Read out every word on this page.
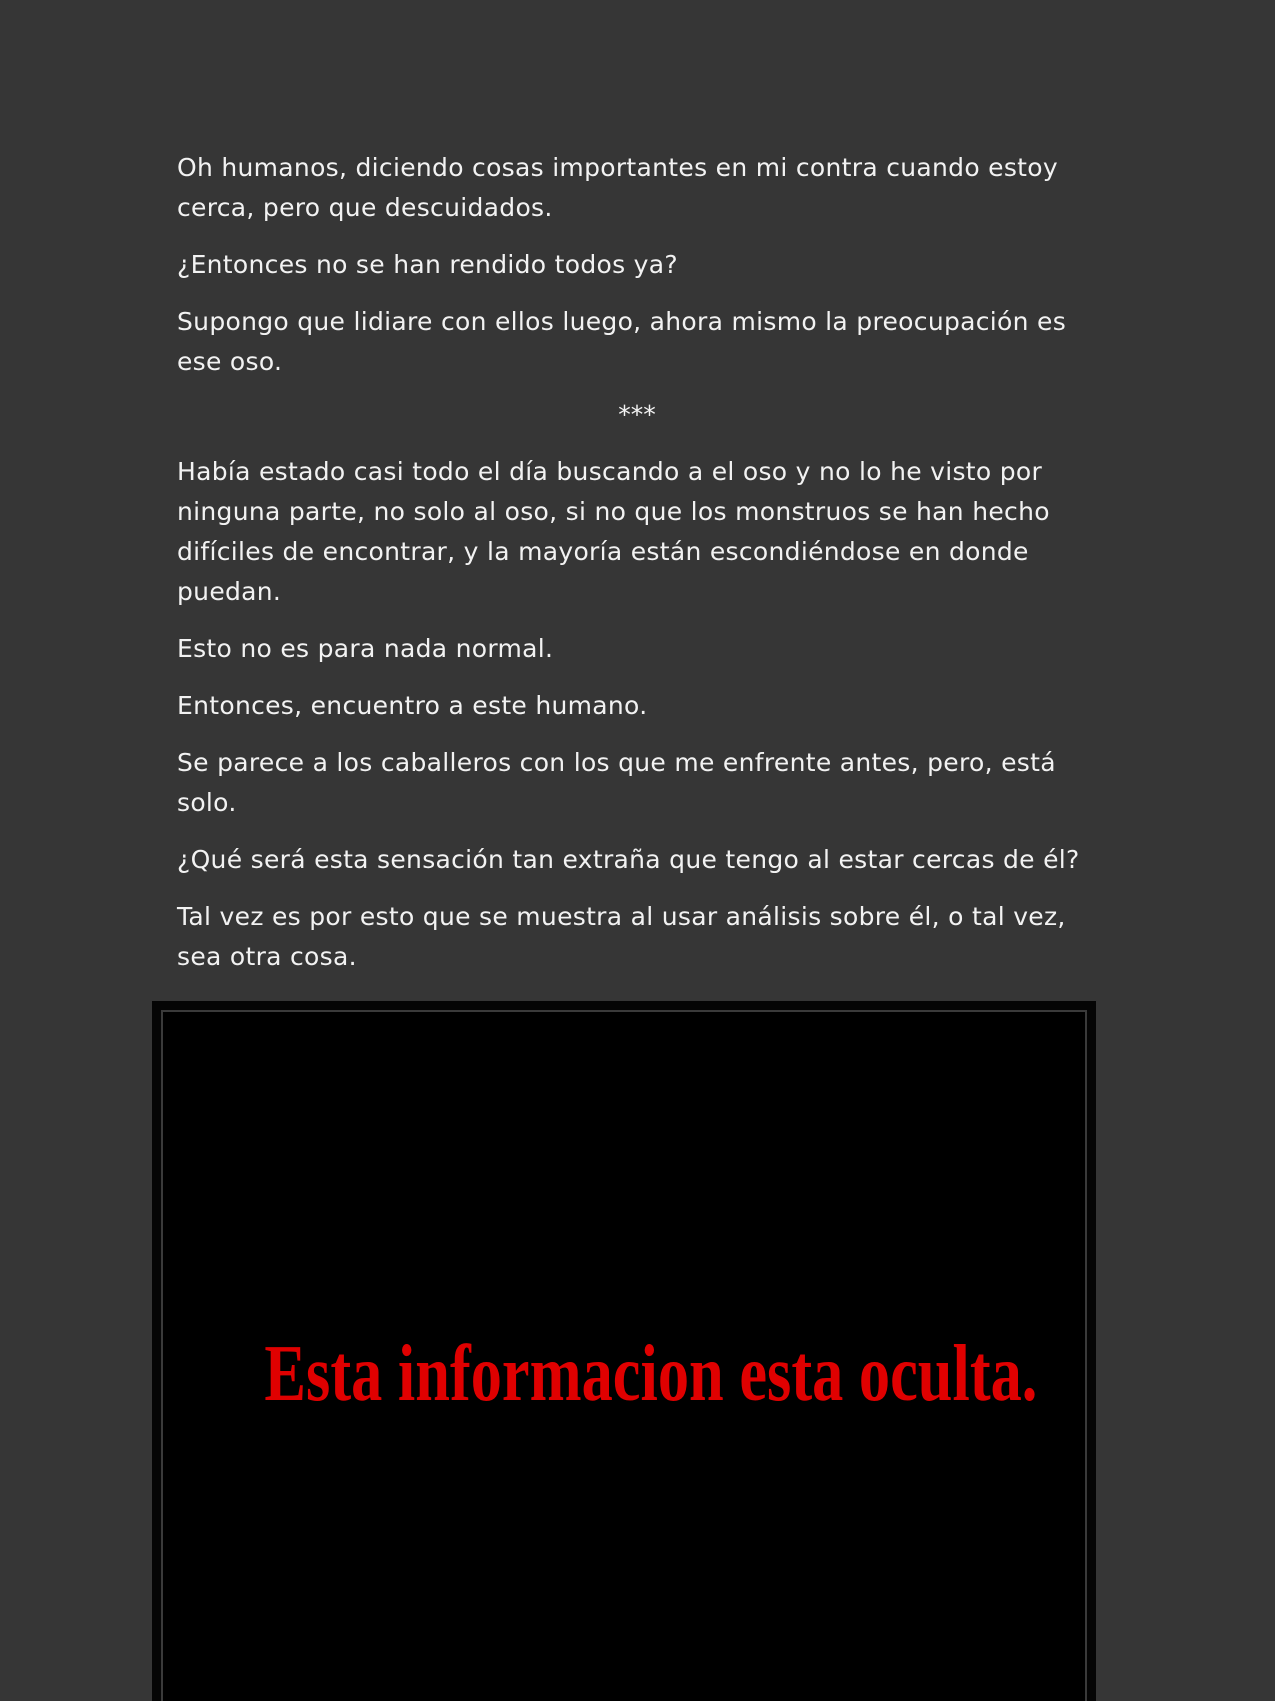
Oh humanos, diciendo cosas importantes en mi contra cuando estoy cerca, pero que descuidados.

¿Entonces no se han rendido todos ya?

Supongo que lidiare con ellos luego, ahora mismo la preocupación es ese oso.

***

Había estado casi todo el día buscando a el oso y no lo he visto por ninguna parte, no solo al oso, si no que los monstruos se han hecho difíciles de encontrar, y la mayoría están escondiéndose en donde puedan.

Esto no es para nada normal.

Entonces, encuentro a este humano.

Se parece a los caballeros con los que me enfrente antes, pero, está solo.

¿Qué será esta sensación tan extraña que tengo al estar cercas de él?

Tal vez es por esto que se muestra al usar análisis sobre él, o tal vez, sea otra cosa.

Esta informacion esta oculta.
